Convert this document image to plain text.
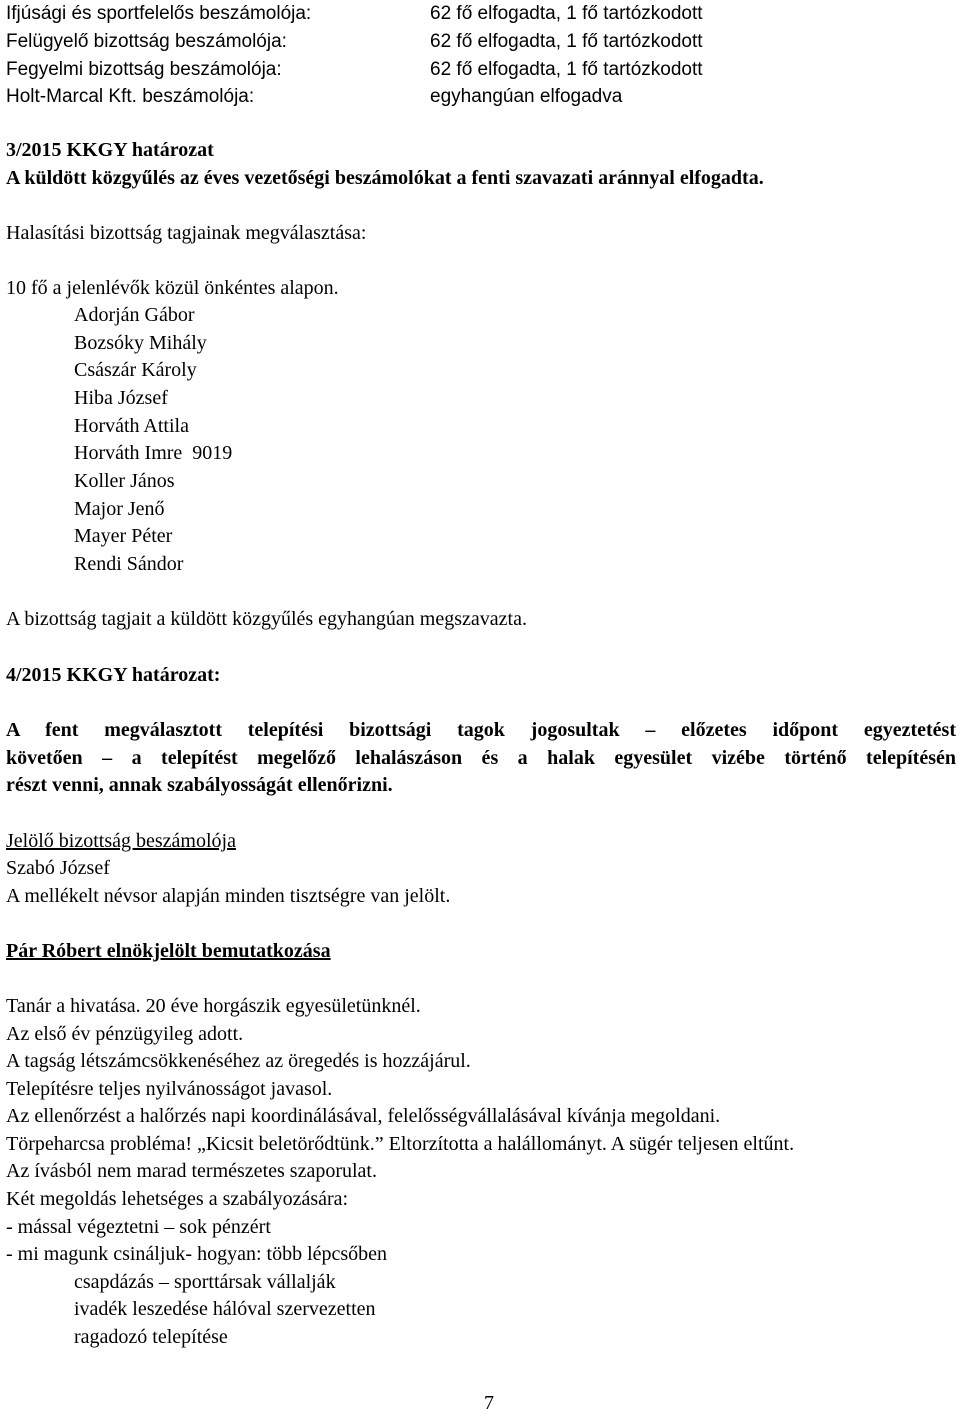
Ifjúsági és sportfelelős beszámolója:	62 fő elfogadta, 1 fő tartózkodott
Felügyelő bizottság beszámolója:	62 fő elfogadta, 1 fő tartózkodott
Fegyelmi bizottság beszámolója:	62 fő elfogadta, 1 fő tartózkodott
Holt-Marcal Kft. beszámolója:	egyhangúan elfogadva
3/2015 KKGY határozat
A küldött közgyűlés az éves vezetőségi beszámolókat a fenti szavazati aránnyal elfogadta.
Halasítási bizottság tagjainak megválasztása:
10 fő a jelenlévők közül önkéntes alapon.
Adorján Gábor
Bozsóky Mihály
Császár Károly
Hiba József
Horváth Attila
Horváth Imre  9019
Koller János
Major Jenő
Mayer Péter
Rendi Sándor
A bizottság tagjait a küldött közgyűlés egyhangúan megszavazta.
4/2015 KKGY határozat:
A fent megválasztott telepítési bizottsági tagok jogosultak – előzetes időpont egyeztetést
követően – a telepítést megelőző lehalászáson és a halak egyesület vizébe történő telepítésén
részt venni, annak szabályosságát ellenőrizni.
Jelölő bizottság beszámolója
Szabó József
A mellékelt névsor alapján minden tisztségre van jelölt.
Pár Róbert elnökjelölt bemutatkozása
Tanár a hivatása. 20 éve horgászik egyesületünknél.
Az első év pénzügyileg adott.
A tagság létszámcsökkenéséhez az öregedés is hozzájárul.
Telepítésre teljes nyilvánosságot javasol.
Az ellenőrzést a halőrzés napi koordinálásával, felelősségvállalásával kívánja megoldani.
Törpeharcsa probléma! „Kicsit beletörődtünk.” Eltorzította a halállományt. A sügér teljesen eltűnt.
Az ívásból nem marad természetes szaporulat.
Két megoldás lehetséges a szabályozására:
- mással végeztetni – sok pénzért
- mi magunk csináljuk- hogyan: több lépcsőben
csapdázás – sporttársak vállalják
ivadék leszedése hálóval szervezetten
ragadozó telepítése
7
